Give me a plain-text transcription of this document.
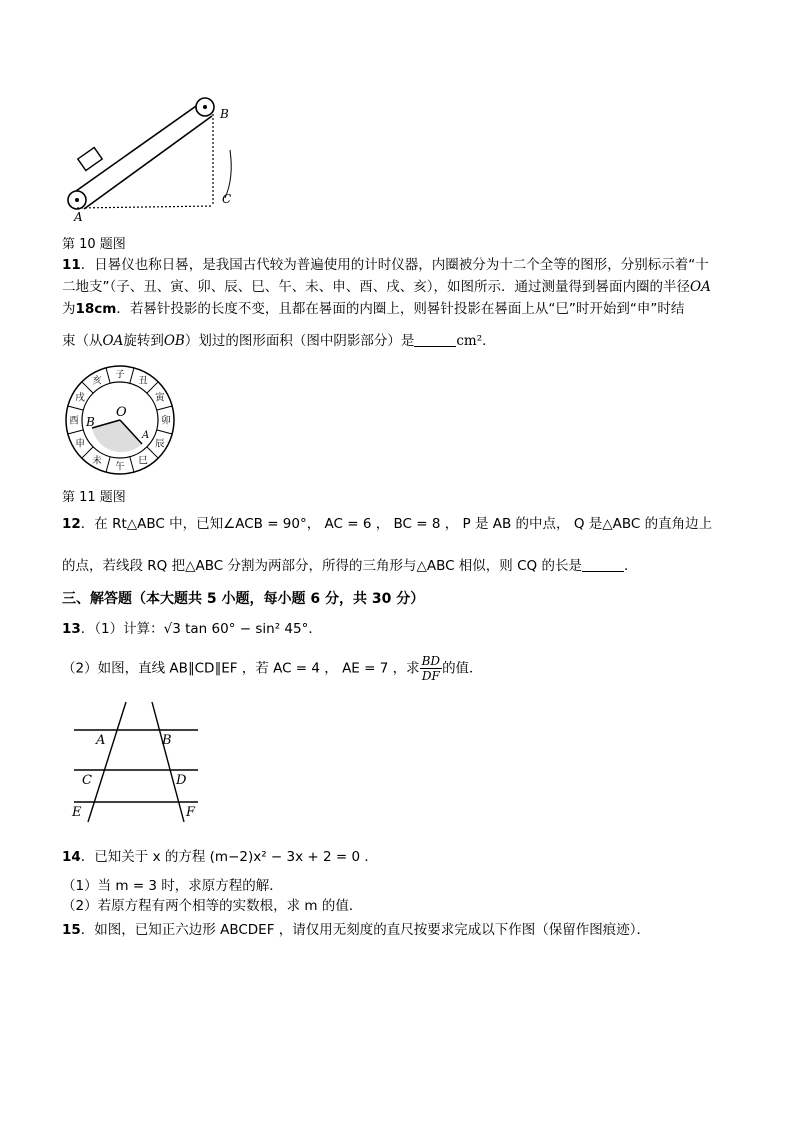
A
B
C
第 10 题图
11．日晷仪也称日晷，是我国古代较为普遍使用的计时仪器，内圈被分为十二个全等的图形，分别标示着“十
二地支”（子、丑、寅、卯、辰、巳、午、未、申、酉、戌、亥），如图所示．通过测量得到晷面内圈的半径OA
为18cm．若晷针投影的长度不变，且都在晷面的内圈上，则晷针投影在晷面上从“巳”时开始到“申”时结
束（从OA旋转到OB）划过的图形面积（图中阴影部分）是	cm²．
子
丑
寅
卯
辰
巳
午
未
申
酉
戌
亥
O
B
A
第 11 题图
12．在 Rt△ABC 中，已知∠ACB = 90°， AC = 6 ， BC = 8 ， P 是 AB 的中点， Q 是△ABC 的直角边上
的点，若线段 RQ 把△ABC 分割为两部分，所得的三角形与△ABC 相似，则 CQ 的长是	．
三、解答题（本大题共 5 小题，每小题 6 分，共 30 分）
13．（1）计算：√3 tan 60° − sin² 45°．
（2）如图，直线 AB∥CD∥EF ，若 AC = 4 ， AE = 7 ，求 $\frac{BD}{DF}$ 的值．
A	B
C	D
E	F
14．已知关于 x 的方程 (m−2)x² − 3x + 2 = 0 ．
（1）当 m = 3 时，求原方程的解．
（2）若原方程有两个相等的实数根，求 m 的值．
15．如图，已知正六边形 ABCDEF ，请仅用无刻度的直尺按要求完成以下作图（保留作图痕迹）．
